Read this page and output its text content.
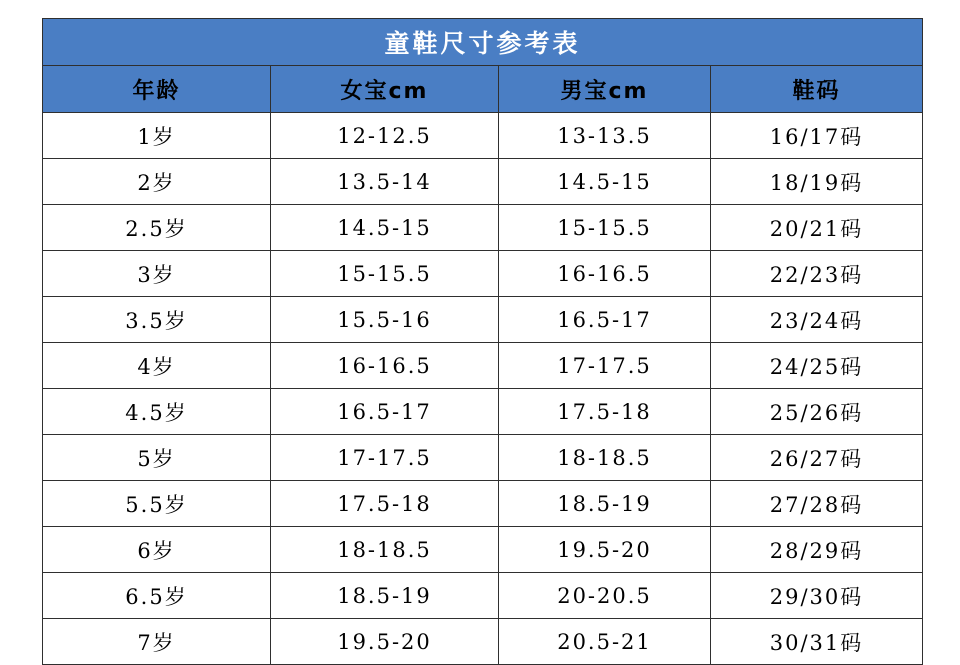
童鞋尺寸参考表			
年龄	女宝cm	男宝cm	鞋码
1岁	12-12.5	13-13.5	16/17码
2岁	13.5-14	14.5-15	18/19码
2.5岁	14.5-15	15-15.5	20/21码
3岁	15-15.5	16-16.5	22/23码
3.5岁	15.5-16	16.5-17	23/24码
4岁	16-16.5	17-17.5	24/25码
4.5岁	16.5-17	17.5-18	25/26码
5岁	17-17.5	18-18.5	26/27码
5.5岁	17.5-18	18.5-19	27/28码
6岁	18-18.5	19.5-20	28/29码
6.5岁	18.5-19	20-20.5	29/30码
7岁	19.5-20	20.5-21	30/31码
